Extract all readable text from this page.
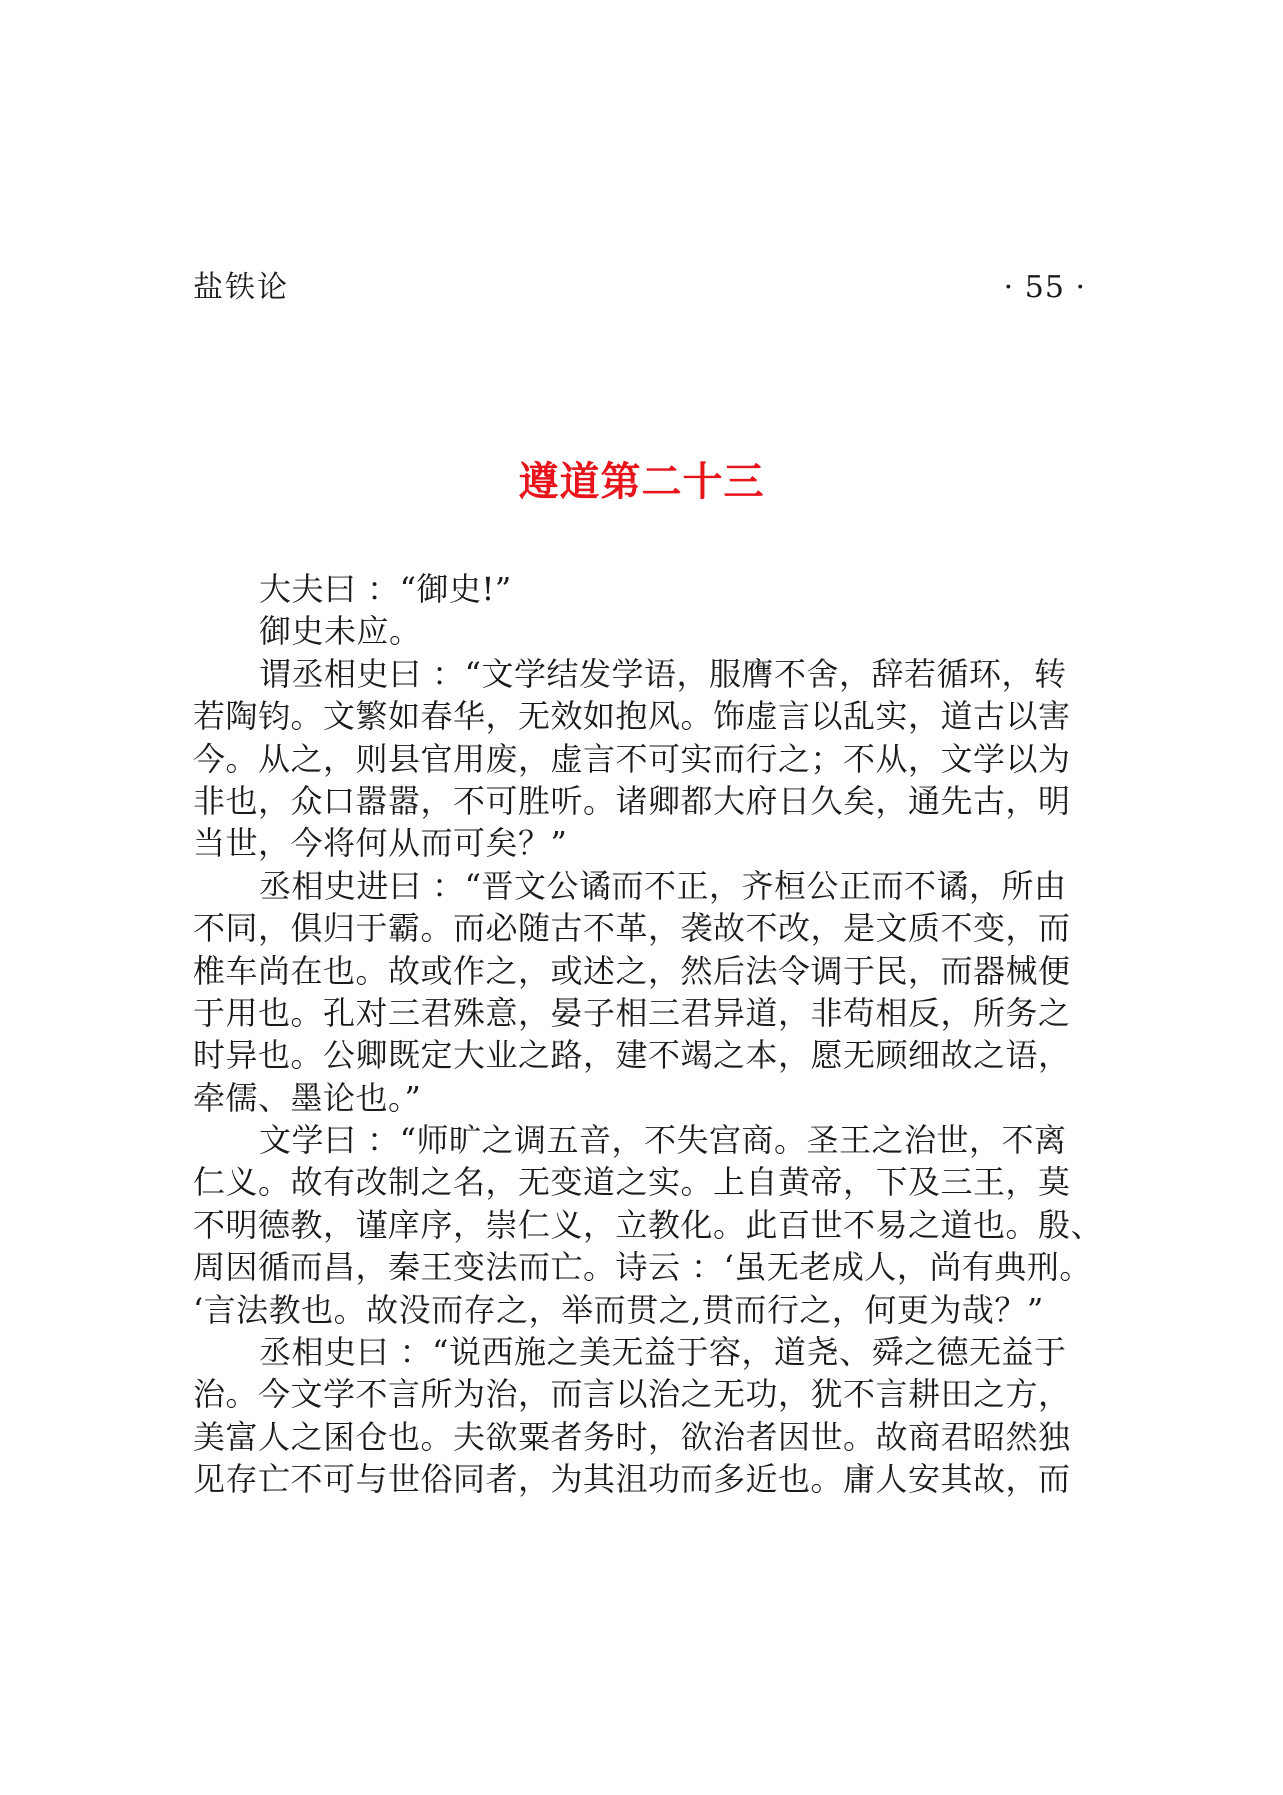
盐铁论	· 55 ·
遵道第二十三
大夫曰 ：“御史!”
御史未应。
谓丞相史曰 ：“文学结发学语，服膺不舍，辞若循环，转
若陶钧。文繁如春华，无效如抱风。饰虚言以乱实，道古以害
今。从之，则县官用废，虚言不可实而行之；不从，文学以为
非也，众口嚣嚣，不可胜听。诸卿都大府日久矣，通先古，明
当世，今将何从而可矣？”
丞相史进曰 ：“晋文公谲而不正，齐桓公正而不谲，所由
不同，俱归于霸。而必随古不革，袭故不改，是文质不变，而
椎车尚在也。故或作之，或述之，然后法令调于民，而器械便
于用也。孔对三君殊意，晏子相三君异道，非苟相反，所务之
时异也。公卿既定大业之路，建不竭之本，愿无顾细故之语，
牵儒、墨论也。”
文学曰 ：“师旷之调五音，不失宫商。圣王之治世，不离
仁义。故有改制之名，无变道之实。上自黄帝，下及三王，莫
不明德教，谨庠序，崇仁义，立教化。此百世不易之道也。殷、
周因循而昌，秦王变法而亡。诗云 ：‘虽无老成人，尚有典刑。
‘言法教也。故没而存之，举而贯之,贯而行之，何更为哉？”
丞相史曰 ：“说西施之美无益于容，道尧、舜之德无益于
治。今文学不言所为治，而言以治之无功，犹不言耕田之方，
美富人之囷仓也。夫欲粟者务时，欲治者因世。故商君昭然独
见存亡不可与世俗同者，为其沮功而多近也。庸人安其故，而
